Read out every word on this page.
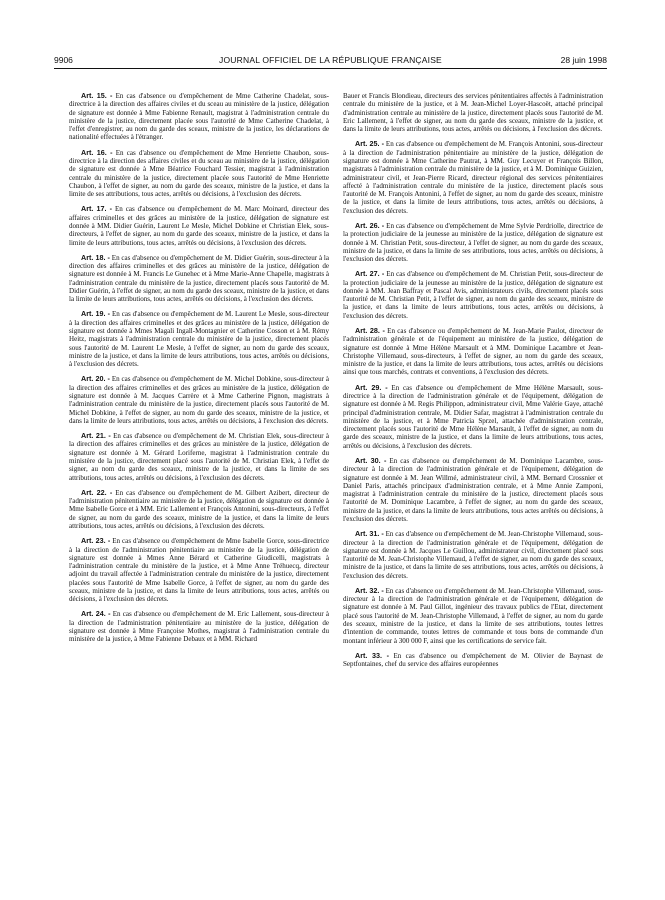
9906	JOURNAL OFFICIEL DE LA RÉPUBLIQUE FRANÇAISE	28 juin 1998

Art. 15. - En cas d'absence ou d'empêchement de Mme Catherine Chadelat, sous-directrice à la direction des affaires civiles et du sceau au ministère de la justice, délégation de signature est donnée à Mme Fabienne Renault, magistrat à l'administration centrale du ministère de la justice, directement placée sous l'autorité de Mme Catherine Chadelat, à l'effet d'enregistrer, au nom du garde des sceaux, ministre de la justice, les déclarations de nationalité effectuées à l'étranger.

Art. 16. - En cas d'absence ou d'empêchement de Mme Henriette Chaubon, sous-directrice à la direction des affaires civiles et du sceau au ministère de la justice, délégation de signature est donnée à Mme Béatrice Fouchard Tessier, magistrat à l'administration centrale du ministère de la justice, directement placée sous l'autorité de Mme Henriette Chaubon, à l'effet de signer, au nom du garde des sceaux, ministre de la justice, et dans la limite de ses attributions, tous actes, arrêtés ou décisions, à l'exclusion des décrets.

Art. 17. - En cas d'absence ou d'empêchement de M. Marc Moinard, directeur des affaires criminelles et des grâces au ministère de la justice, délégation de signature est donnée à MM. Didier Guérin, Laurent Le Mesle, Michel Dobkine et Christian Elek, sous-directeurs, à l'effet de signer, au nom du garde des sceaux, ministre de la justice, et dans la limite de leurs attributions, tous actes, arrêtés ou décisions, à l'exclusion des décrets.

Art. 18. - En cas d'absence ou d'empêchement de M. Didier Guérin, sous-directeur à la direction des affaires criminelles et des grâces au ministère de la justice, délégation de signature est donnée à M. Francis Le Gunehec et à Mme Marie-Anne Chapelle, magistrats à l'administration centrale du ministère de la justice, directement placés sous l'autorité de M. Didier Guérin, à l'effet de signer, au nom du garde des sceaux, ministre de la justice, et dans la limite de leurs attributions, tous actes, arrêtés ou décisions, à l'exclusion des décrets.

Art. 19. - En cas d'absence ou d'empêchement de M. Laurent Le Mesle, sous-directeur à la direction des affaires criminelles et des grâces au ministère de la justice, délégation de signature est donnée à Mmes Magali Ingall-Montagnier et Catherine Cosson et à M. Rémy Heitz, magistrats à l'administration centrale du ministère de la justice, directement placés sous l'autorité de M. Laurent Le Mesle, à l'effet de signer, au nom du garde des sceaux, ministre de la justice, et dans la limite de leurs attributions, tous actes, arrêtés ou décisions, à l'exclusion des décrets.

Art. 20. - En cas d'absence ou d'empêchement de M. Michel Dobkine, sous-directeur à la direction des affaires criminelles et des grâces au ministère de la justice, délégation de signature est donnée à M. Jacques Carrère et à Mme Catherine Pignon, magistrats à l'administration centrale du ministère de la justice, directement placés sous l'autorité de M. Michel Dobkine, à l'effet de signer, au nom du garde des sceaux, ministre de la justice, et dans la limite de leurs attributions, tous actes, arrêtés ou décisions, à l'exclusion des décrets.

Art. 21. - En cas d'absence ou d'empêchement de M. Christian Elek, sous-directeur à la direction des affaires criminelles et des grâces au ministère de la justice, délégation de signature est donnée à M. Gérard Loriferne, magistrat à l'administration centrale du ministère de la justice, directement placé sous l'autorité de M. Christian Elek, à l'effet de signer, au nom du garde des sceaux, ministre de la justice, et dans la limite de ses attributions, tous actes, arrêtés ou décisions, à l'exclusion des décrets.

Art. 22. - En cas d'absence ou d'empêchement de M. Gilbert Azibert, directeur de l'administration pénitentiaire au ministère de la justice, délégation de signature est donnée à Mme Isabelle Gorce et à MM. Eric Lallement et François Antonini, sous-directeurs, à l'effet de signer, au nom du garde des sceaux, ministre de la justice, et dans la limite de leurs attributions, tous actes, arrêtés ou décisions, à l'exclusion des décrets.

Art. 23. - En cas d'absence ou d'empêchement de Mme Isabelle Gorce, sous-directrice à la direction de l'administration pénitentiaire au ministère de la justice, délégation de signature est donnée à Mmes Anne Bérard et Catherine Giudicelli, magistrats à l'administration centrale du ministère de la justice, et à Mme Anne Tréhuecq, directeur adjoint du travail affectée à l'administration centrale du ministère de la justice, directement placées sous l'autorité de Mme Isabelle Gorce, à l'effet de signer, au nom du garde des sceaux, ministre de la justice, et dans la limite de leurs attributions, tous actes, arrêtés ou décisions, à l'exclusion des décrets.

Art. 24. - En cas d'absence ou d'empêchement de M. Eric Lallement, sous-directeur à la direction de l'administration pénitentiaire au ministère de la justice, délégation de signature est donnée à Mme Françoise Mothes, magistrat à l'administration centrale du ministère de la justice, à Mme Fabienne Debaux et à MM. Richard

Bauer et Francis Blondieau, directeurs des services pénitentiaires affectés à l'administration centrale du ministère de la justice, et à M. Jean-Michel Loyer-Hascoët, attaché principal d'administration centrale au ministère de la justice, directement placés sous l'autorité de M. Eric Lallement, à l'effet de signer, au nom du garde des sceaux, ministre de la justice, et dans la limite de leurs attributions, tous actes, arrêtés ou décisions, à l'exclusion des décrets.

Art. 25. - En cas d'absence ou d'empêchement de M. François Antonini, sous-directeur à la direction de l'administration pénitentiaire au ministère de la justice, délégation de signature est donnée à Mme Catherine Pautrat, à MM. Guy Lecuyer et François Billon, magistrats à l'administration centrale du ministère de la justice, et à M. Dominique Guizien, administrateur civil, et Jean-Pierre Ricard, directeur régional des services pénitentiaires affecté à l'administration centrale du ministère de la justice, directement placés sous l'autorité de M. François Antonini, à l'effet de signer, au nom du garde des sceaux, ministre de la justice, et dans la limite de leurs attributions, tous actes, arrêtés ou décisions, à l'exclusion des décrets.

Art. 26. - En cas d'absence ou d'empêchement de Mme Sylvie Perdriolle, directrice de la protection judiciaire de la jeunesse au ministère de la justice, délégation de signature est donnée à M. Christian Petit, sous-directeur, à l'effet de signer, au nom du garde des sceaux, ministre de la justice, et dans la limite de ses attributions, tous actes, arrêtés ou décisions, à l'exclusion des décrets.

Art. 27. - En cas d'absence ou d'empêchement de M. Christian Petit, sous-directeur de la protection judiciaire de la jeunesse au ministère de la justice, délégation de signature est donnée à MM. Jean Baffray et Pascal Avis, administrateurs civils, directement placés sous l'autorité de M. Christian Petit, à l'effet de signer, au nom du garde des sceaux, ministre de la justice, et dans la limite de leurs attributions, tous actes, arrêtés ou décisions, à l'exclusion des décrets.

Art. 28. - En cas d'absence ou d'empêchement de M. Jean-Marie Paulot, directeur de l'administration générale et de l'équipement au ministère de la justice, délégation de signature est donnée à Mme Hélène Marsault et à MM. Dominique Lacambre et Jean-Christophe Villemaud, sous-directeurs, à l'effet de signer, au nom du garde des sceaux, ministre de la justice, et dans la limite de leurs attributions, tous actes, arrêtés ou décisions ainsi que tous marchés, contrats et conventions, à l'exclusion des décrets.

Art. 29. - En cas d'absence ou d'empêchement de Mme Hélène Marsault, sous-directrice à la direction de l'administration générale et de l'équipement, délégation de signature est donnée à M. Regis Philippon, administrateur civil, Mme Valérie Gaye, attaché principal d'administration centrale, M. Didier Safar, magistrat à l'administration centrale du ministère de la justice, et à Mme Patricia Sprzel, attachée d'administration centrale, directement placés sous l'autorité de Mme Hélène Marsault, à l'effet de signer, au nom du garde des sceaux, ministre de la justice, et dans la limite de leurs attributions, tous actes, arrêtés ou décisions, à l'exclusion des décrets.

Art. 30. - En cas d'absence ou d'empêchement de M. Dominique Lacambre, sous-directeur à la direction de l'administration générale et de l'équipement, délégation de signature est donnée à M. Jean Willmé, administrateur civil, à MM. Bernard Crossnier et Daniel Paris, attachés principaux d'administration centrale, et à Mme Annie Zamponi, magistrat à l'administration centrale du ministère de la justice, directement placés sous l'autorité de M. Dominique Lacambre, à l'effet de signer, au nom du garde des sceaux, ministre de la justice, et dans la limite de leurs attributions, tous actes arrêtés ou décisions, à l'exclusion des décrets.

Art. 31. - En cas d'absence ou d'empêchement de M. Jean-Christophe Villemaud, sous-directeur à la direction de l'administration générale et de l'équipement, délégation de signature est donnée à M. Jacques Le Guillou, administrateur civil, directement placé sous l'autorité de M. Jean-Christophe Villemaud, à l'effet de signer, au nom du garde des sceaux, ministre de la justice, et dans la limite de ses attributions, tous actes, arrêtés ou décisions, à l'exclusion des décrets.

Art. 32. - En cas d'absence ou d'empêchement de M. Jean-Christophe Villemaud, sous-directeur à la direction de l'administration générale et de l'équipement, délégation de signature est donnée à M. Paul Gillot, ingénieur des travaux publics de l'Etat, directement placé sous l'autorité de M. Jean-Christophe Villemaud, à l'effet de signer, au nom du garde des sceaux, ministre de la justice, et dans la limite de ses attributions, toutes lettres d'intention de commande, toutes lettres de commande et tous bons de commande d'un montant inférieur à 300 000 F, ainsi que les certifications de service fait.

Art. 33. - En cas d'absence ou d'empêchement de M. Olivier de Baynast de Septfontaines, chef du service des affaires européennes
